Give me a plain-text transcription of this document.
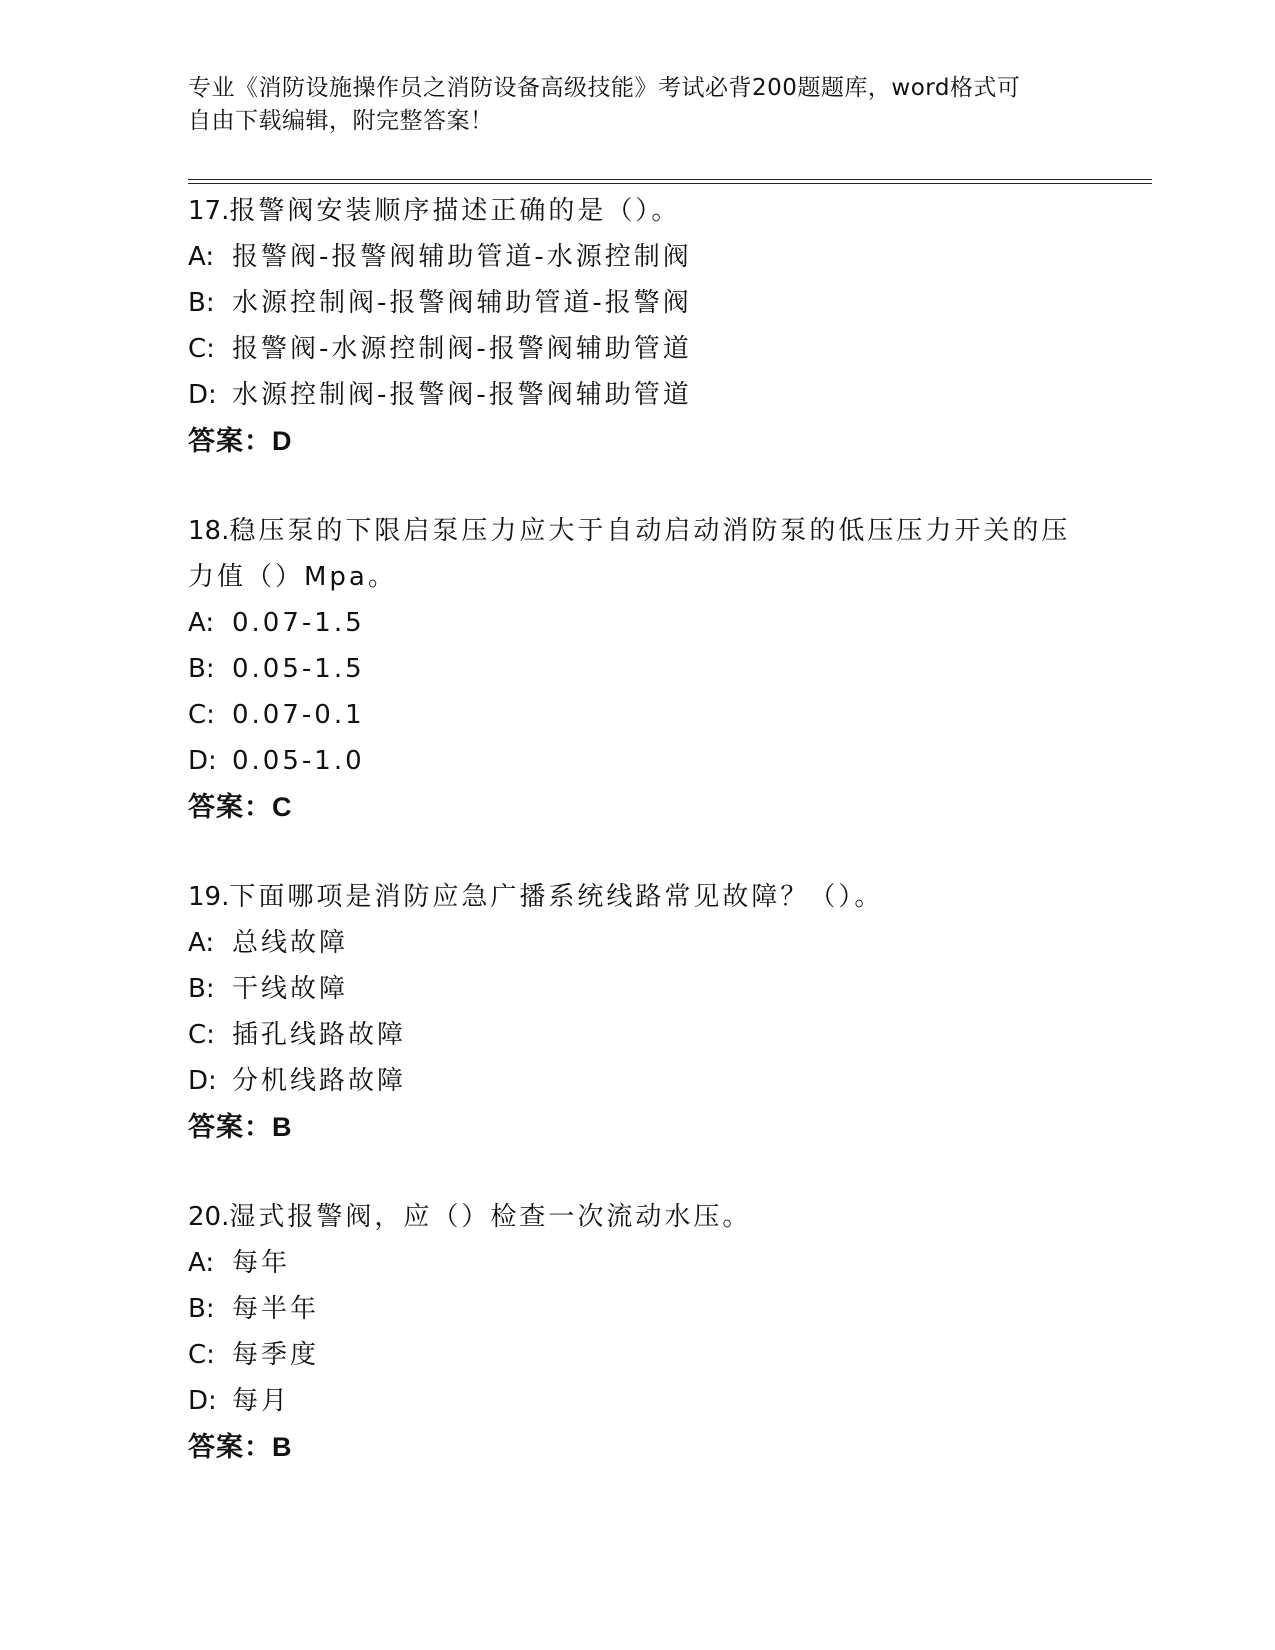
专业《消防设施操作员之消防设备高级技能》考试必背200题题库，word格式可

自由下载编辑，附完整答案！

17.报警阀安装顺序描述正确的是（）。

A: 报警阀-报警阀辅助管道-水源控制阀

B: 水源控制阀-报警阀辅助管道-报警阀

C: 报警阀-水源控制阀-报警阀辅助管道

D: 水源控制阀-报警阀-报警阀辅助管道

答案：D

18.稳压泵的下限启泵压力应大于自动启动消防泵的低压压力开关的压力值（）Mpa。

A: 0.07-1.5

B: 0.05-1.5

C: 0.07-0.1

D: 0.05-1.0

答案：C

19.下面哪项是消防应急广播系统线路常见故障？（）。

A: 总线故障

B: 干线故障

C: 插孔线路故障

D: 分机线路故障

答案：B

20.湿式报警阀，应（）检查一次流动水压。

A: 每年

B: 每半年

C: 每季度

D: 每月

答案：B
